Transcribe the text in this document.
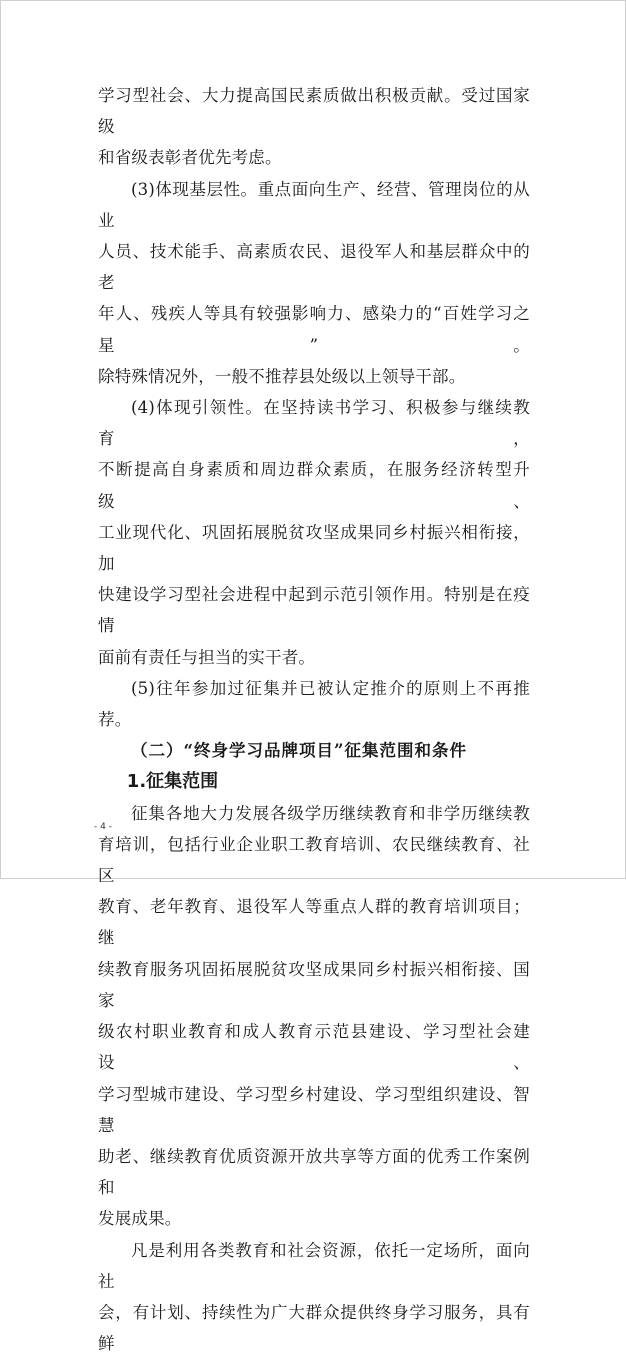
学习型社会、大力提高国民素质做出积极贡献。受过国家级

和省级表彰者优先考虑。

(3)体现基层性。重点面向生产、经营、管理岗位的从业

人员、技术能手、高素质农民、退役军人和基层群众中的老

年人、残疾人等具有较强影响力、感染力的“百姓学习之星”。

除特殊情况外，一般不推荐县处级以上领导干部。

(4)体现引领性。在坚持读书学习、积极参与继续教育，

不断提高自身素质和周边群众素质，在服务经济转型升级、

工业现代化、巩固拓展脱贫攻坚成果同乡村振兴相衔接，加

快建设学习型社会进程中起到示范引领作用。特别是在疫情

面前有责任与担当的实干者。

(5)往年参加过征集并已被认定推介的原则上不再推荐。

（二）“终身学习品牌项目”征集范围和条件

1.征集范围

征集各地大力发展各级学历继续教育和非学历继续教

育培训，包括行业企业职工教育培训、农民继续教育、社区

教育、老年教育、退役军人等重点人群的教育培训项目；继

续教育服务巩固拓展脱贫攻坚成果同乡村振兴相衔接、国家

级农村职业教育和成人教育示范县建设、学习型社会建设、

学习型城市建设、学习型乡村建设、学习型组织建设、智慧

助老、继续教育优质资源开放共享等方面的优秀工作案例和

发展成果。

凡是利用各类教育和社会资源，依托一定场所，面向社

会，有计划、持续性为广大群众提供终身学习服务，具有鲜

- 4 -
